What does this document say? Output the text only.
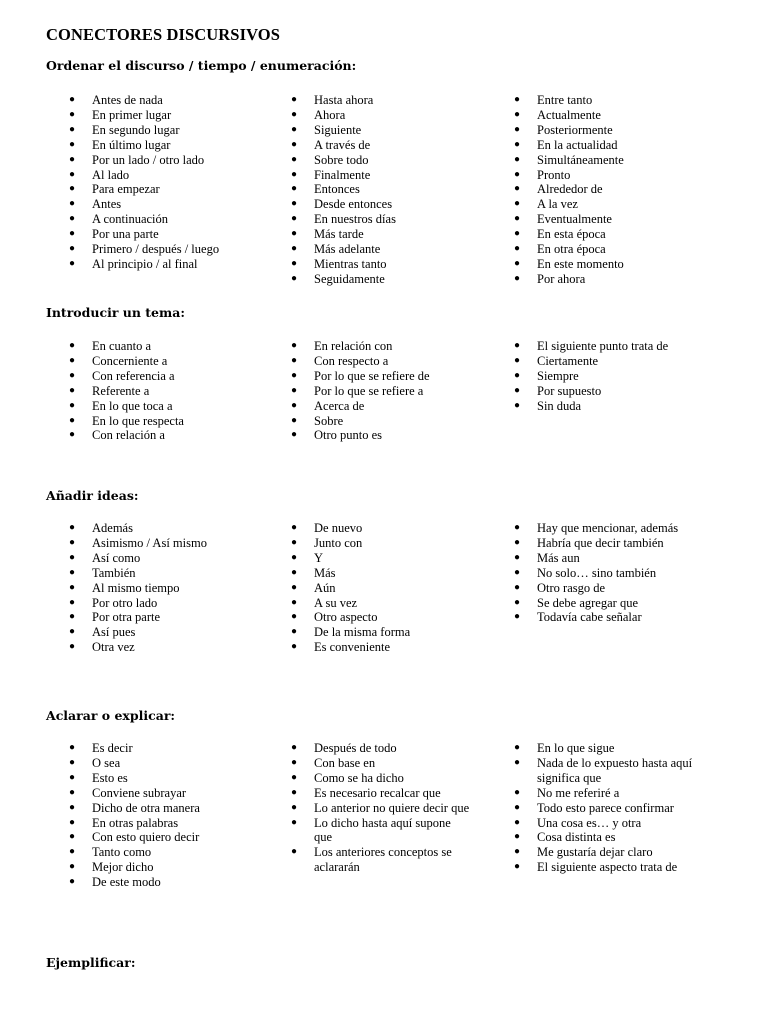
CONECTORES DISCURSIVOS
Ordenar el discurso / tiempo / enumeración:
●	Antes de nada
●	En primer lugar
●	En segundo lugar
●	En último lugar
●	Por un lado / otro lado
●	Al lado
●	Para empezar
●	Antes
●	A continuación
●	Por una parte
●	Primero / después / luego
●	Al principio / al final
●	Hasta ahora
●	Ahora
●	Siguiente
●	A través de
●	Sobre todo
●	Finalmente
●	Entonces
●	Desde entonces
●	En nuestros días
●	Más tarde
●	Más adelante
●	Mientras tanto
●	Seguidamente
●	Entre tanto
●	Actualmente
●	Posteriormente
●	En la actualidad
●	Simultáneamente
●	Pronto
●	Alrededor de
●	A la vez
●	Eventualmente
●	En esta época
●	En otra época
●	En este momento
●	Por ahora
Introducir un tema:
●	En cuanto a
●	Concerniente a
●	Con referencia a
●	Referente a
●	En lo que toca a
●	En lo que respecta
●	Con relación a
●	En relación con
●	Con respecto a
●	Por lo que se refiere de
●	Por lo que se refiere a
●	Acerca de
●	Sobre
●	Otro punto es
●	El siguiente punto trata de
●	Ciertamente
●	Siempre
●	Por supuesto
●	Sin duda
Añadir ideas:
●	Además
●	Asimismo / Así mismo
●	Así como
●	También
●	Al mismo tiempo
●	Por otro lado
●	Por otra parte
●	Así pues
●	Otra vez
●	De nuevo
●	Junto con
●	Y
●	Más
●	Aún
●	A su vez
●	Otro aspecto
●	De la misma forma
●	Es conveniente
●	Hay que mencionar, además
●	Habría que decir también
●	Más aun
●	No solo… sino también
●	Otro rasgo de
●	Se debe agregar que
●	Todavía cabe señalar
Aclarar o explicar:
●	Es decir
●	O sea
●	Esto es
●	Conviene subrayar
●	Dicho de otra manera
●	En otras palabras
●	Con esto quiero decir
●	Tanto como
●	Mejor dicho
●	De este modo
●	Después de todo
●	Con base en
●	Como se ha dicho
●	Es necesario recalcar que
●	Lo anterior no quiere decir que
●	Lo dicho hasta aquí supone que
●	Los anteriores conceptos se aclararán
●	En lo que sigue
●	Nada de lo expuesto hasta aquí significa que
●	No me referiré a
●	Todo esto parece confirmar
●	Una cosa es… y otra
●	Cosa distinta es
●	Me gustaría dejar claro
●	El siguiente aspecto trata de
Ejemplificar:
